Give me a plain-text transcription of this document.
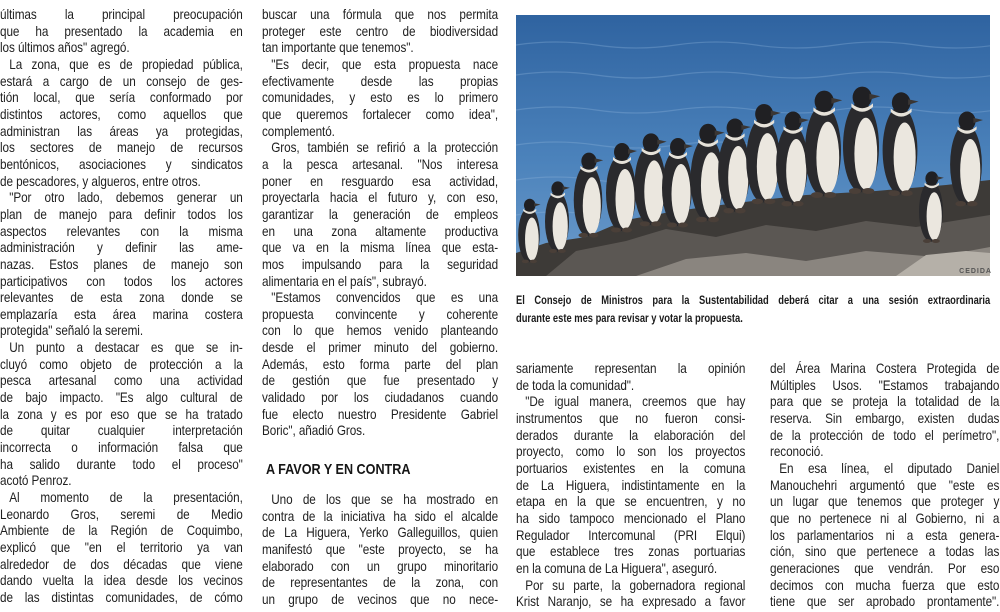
últimas la principal preocupación
que ha presentado la academia en
los últimos años" agregó.
La zona, que es de propiedad pública,
estará a cargo de un consejo de ges-
tión local, que sería conformado por
distintos actores, como aquellos que
administran las áreas ya protegidas,
los sectores de manejo de recursos
bentónicos, asociaciones y sindicatos
de pescadores, y algueros, entre otros.
"Por otro lado, debemos generar un
plan de manejo para definir todos los
aspectos relevantes con la misma
administración y definir las ame-
nazas. Estos planes de manejo son
participativos con todos los actores
relevantes de esta zona donde se
emplazaría esta área marina costera
protegida" señaló la seremi.
Un punto a destacar es que se in-
cluyó como objeto de protección a la
pesca artesanal como una actividad
de bajo impacto. "Es algo cultural de
la zona y es por eso que se ha tratado
de quitar cualquier interpretación
incorrecta o información falsa que
ha salido durante todo el proceso"
acotó Penroz.
Al momento de la presentación,
Leonardo Gros, seremi de Medio
Ambiente de la Región de Coquimbo,
explicó que "en el territorio ya van
alrededor de dos décadas que viene
dando vuelta la idea desde los vecinos
de las distintas comunidades, de cómo
buscar una fórmula que nos permita
proteger este centro de biodiversidad
tan importante que tenemos".
"Es decir, que esta propuesta nace
efectivamente desde las propias
comunidades, y esto es lo primero
que queremos fortalecer como idea",
complementó.
Gros, también se refirió a la protección
a la pesca artesanal. "Nos interesa
poner en resguardo esa actividad,
proyectarla hacia el futuro y, con eso,
garantizar la generación de empleos
en una zona altamente productiva
que va en la misma línea que esta-
mos impulsando para la seguridad
alimentaria en el país", subrayó.
"Estamos convencidos que es una
propuesta convincente y coherente
con lo que hemos venido planteando
desde el primer minuto del gobierno.
Además, esto forma parte del plan
de gestión que fue presentado y
validado por los ciudadanos cuando
fue electo nuestro Presidente Gabriel
Boric", añadió Gros.
A FAVOR Y EN CONTRA
Uno de los que se ha mostrado en
contra de la iniciativa ha sido el alcalde
de La Higuera, Yerko Galleguillos, quien
manifestó que "este proyecto, se ha
elaborado con un grupo minoritario
de representantes de la zona, con
un grupo de vecinos que no nece-
sariamente representan la opinión
de toda la comunidad".
"De igual manera, creemos que hay
instrumentos que no fueron consi-
derados durante la elaboración del
proyecto, como lo son los proyectos
portuarios existentes en la comuna
de La Higuera, indistintamente en la
etapa en la que se encuentren, y no
ha sido tampoco mencionado el Plano
Regulador Intercomunal (PRI Elqui)
que establece tres zonas portuarias
en la comuna de La Higuera", aseguró.
Por su parte, la gobernadora regional
Krist Naranjo, se ha expresado a favor
del Área Marina Costera Protegida de
Múltiples Usos. "Estamos trabajando
para que se proteja la totalidad de la
reserva. Sin embargo, existen dudas
de la protección de todo el perímetro",
reconoció.
En esa línea, el diputado Daniel
Manouchehri argumentó que "este es
un lugar que tenemos que proteger y
que no pertenece ni al Gobierno, ni a
los parlamentarios ni a esta genera-
ción, sino que pertenece a todas las
generaciones que vendrán. Por eso
decimos con mucha fuerza que esto
tiene que ser aprobado prontamente".
CEDIDA
El Consejo de Ministros para la Sustentabilidad deberá citar a una sesión extraordinaria
durante este mes para revisar y votar la propuesta.
